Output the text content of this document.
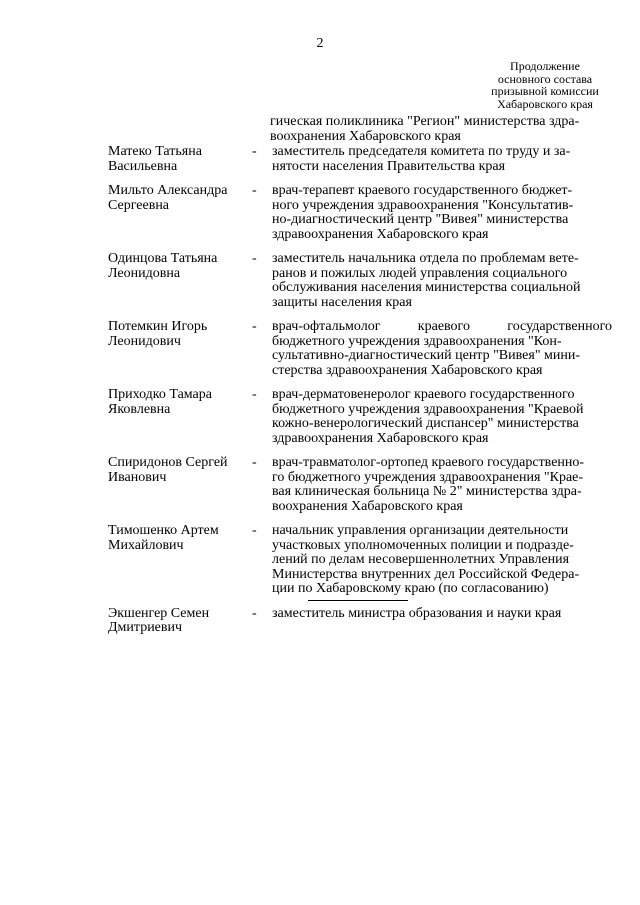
2
Продолжение
основного состава
призывной комиссии
Хабаровского края
гическая поликлиника "Регион" министерства здра-
воохранения Хабаровского края
Матеко Татьяна
Васильевна
-	заместитель председателя комитета по труду и за-
нятости населения Правительства края
Мильто Александра
Сергеевна
-	врач-терапевт краевого государственного бюджет-
ного учреждения здравоохранения "Консультатив-
но-диагностический центр "Вивея" министерства
здравоохранения Хабаровского края
Одинцова Татьяна
Леонидовна
-	заместитель начальника отдела по проблемам ветe-
ранов и пожилых людей управления социального
обслуживания населения министерства социальной
защиты населения края
Потемкин Игорь
Леонидович
-	врач-офтальмолог краевого государственного
бюджетного учреждения здравоохранения "Кон-
сультативно-диагностический центр "Вивея" мини-
стерства здравоохранения Хабаровского края
Приходко Тамара
Яковлевна
-	врач-дерматовенеролог краевого государственного
бюджетного учреждения здравоохранения "Краевой
кожно-венерологический диспансер" министерства
здравоохранения Хабаровского края
Спиридонов Сергей
Иванович
-	врач-травматолог-ортопед краевого государственно-
го бюджетного учреждения здравоохранения "Крае-
вая клиническая больница № 2" министерства здра-
воохранения Хабаровского края
Тимошенко Артем
Михайлович
-	начальник управления организации деятельности
участковых уполномоченных полиции и подразде-
лений по делам несовершеннолетних Управления
Министерства внутренних дел Российской Федера-
ции по Хабаровскому краю (по согласованию)
Экшенгер Семен
Дмитриевич
-	заместитель министра образования и науки края
